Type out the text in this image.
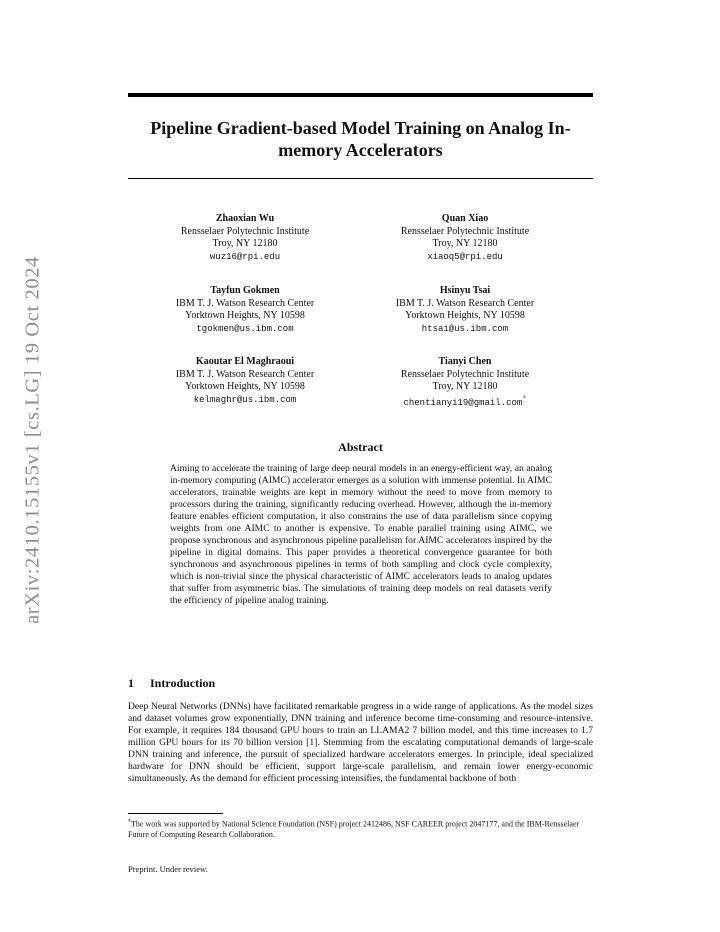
arXiv:2410.15155v1 [cs.LG] 19 Oct 2024
Pipeline Gradient-based Model Training on Analog In-memory Accelerators
Zhaoxian Wu
Rensselaer Polytechnic Institute
Troy, NY 12180
wuz16@rpi.edu
Quan Xiao
Rensselaer Polytechnic Institute
Troy, NY 12180
xiaoq5@rpi.edu
Tayfun Gokmen
IBM T. J. Watson Research Center
Yorktown Heights, NY 10598
tgokmen@us.ibm.com
Hsinyu Tsai
IBM T. J. Watson Research Center
Yorktown Heights, NY 10598
htsai@us.ibm.com
Kaoutar El Maghraoui
IBM T. J. Watson Research Center
Yorktown Heights, NY 10598
kelmaghr@us.ibm.com
Tianyi Chen
Rensselaer Polytechnic Institute
Troy, NY 12180
chentianyi19@gmail.com*
Abstract

Aiming to accelerate the training of large deep neural models in an energy-efficient way, an analog in-memory computing (AIMC) accelerator emerges as a solution with immense potential. In AIMC accelerators, trainable weights are kept in memory without the need to move from memory to processors during the training, significantly reducing overhead. However, although the in-memory feature enables efficient computation, it also constrains the use of data parallelism since copying weights from one AIMC to another is expensive. To enable parallel training using AIMC, we propose synchronous and asynchronous pipeline parallelism for AIMC accelerators inspired by the pipeline in digital domains. This paper provides a theoretical convergence guarantee for both synchronous and asynchronous pipelines in terms of both sampling and clock cycle complexity, which is non-trivial since the physical characteristic of AIMC accelerators leads to analog updates that suffer from asymmetric bias. The simulations of training deep models on real datasets verify the efficiency of pipeline analog training.

1 Introduction

Deep Neural Networks (DNNs) have facilitated remarkable progress in a wide range of applications. As the model sizes and dataset volumes grow exponentially, DNN training and inference become time-consuming and resource-intensive. For example, it requires 184 thousand GPU hours to train an LLAMA2 7 billion model, and this time increases to 1.7 million GPU hours for its 70 billion version [1]. Stemming from the escalating computational demands of large-scale DNN training and inference, the pursuit of specialized hardware accelerators emerges. In principle, ideal specialized hardware for DNN should be efficient, support large-scale parallelism, and remain lower energy-economic simultaneously. As the demand for efficient processing intensifies, the fundamental backbone of both

*The work was supported by National Science Foundation (NSF) project 2412486, NSF CAREER project 2047177, and the IBM-Rensselaer Future of Computing Research Collaboration.

Preprint. Under review.
